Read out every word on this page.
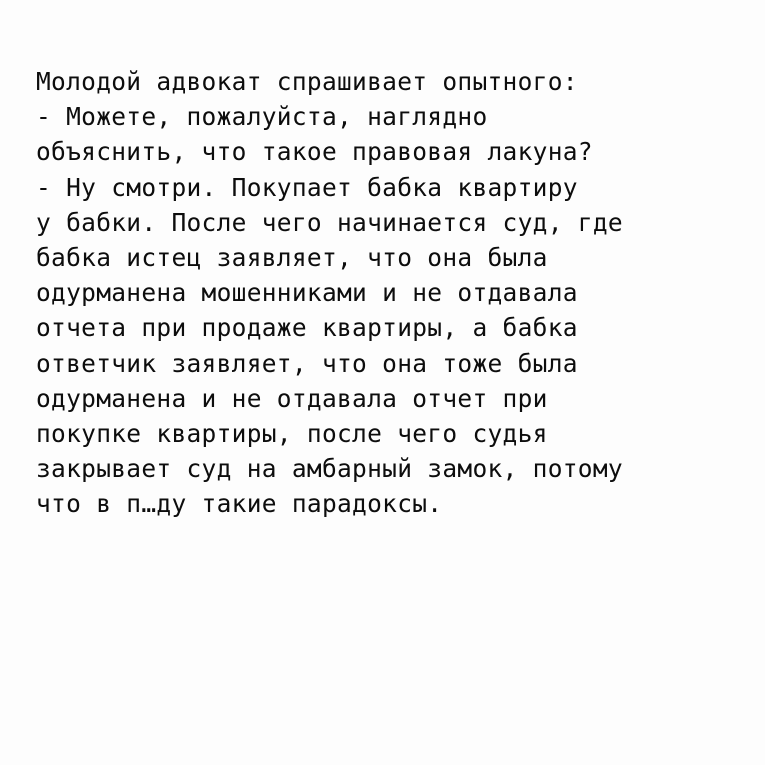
Молодой адвокат спрашивает опытного:
- Можете, пожалуйста, наглядно
объяснить, что такое правовая лакуна?
- Ну смотри. Покупает бабка квартиру
у бабки. После чего начинается суд, где
бабка истец заявляет, что она была
одурманена мошенниками и не отдавала
отчета при продаже квартиры, а бабка
ответчик заявляет, что она тоже была
одурманена и не отдавала отчет при
покупке квартиры, после чего судья
закрывает суд на амбарный замок, потому
что в п…ду такие парадоксы.
